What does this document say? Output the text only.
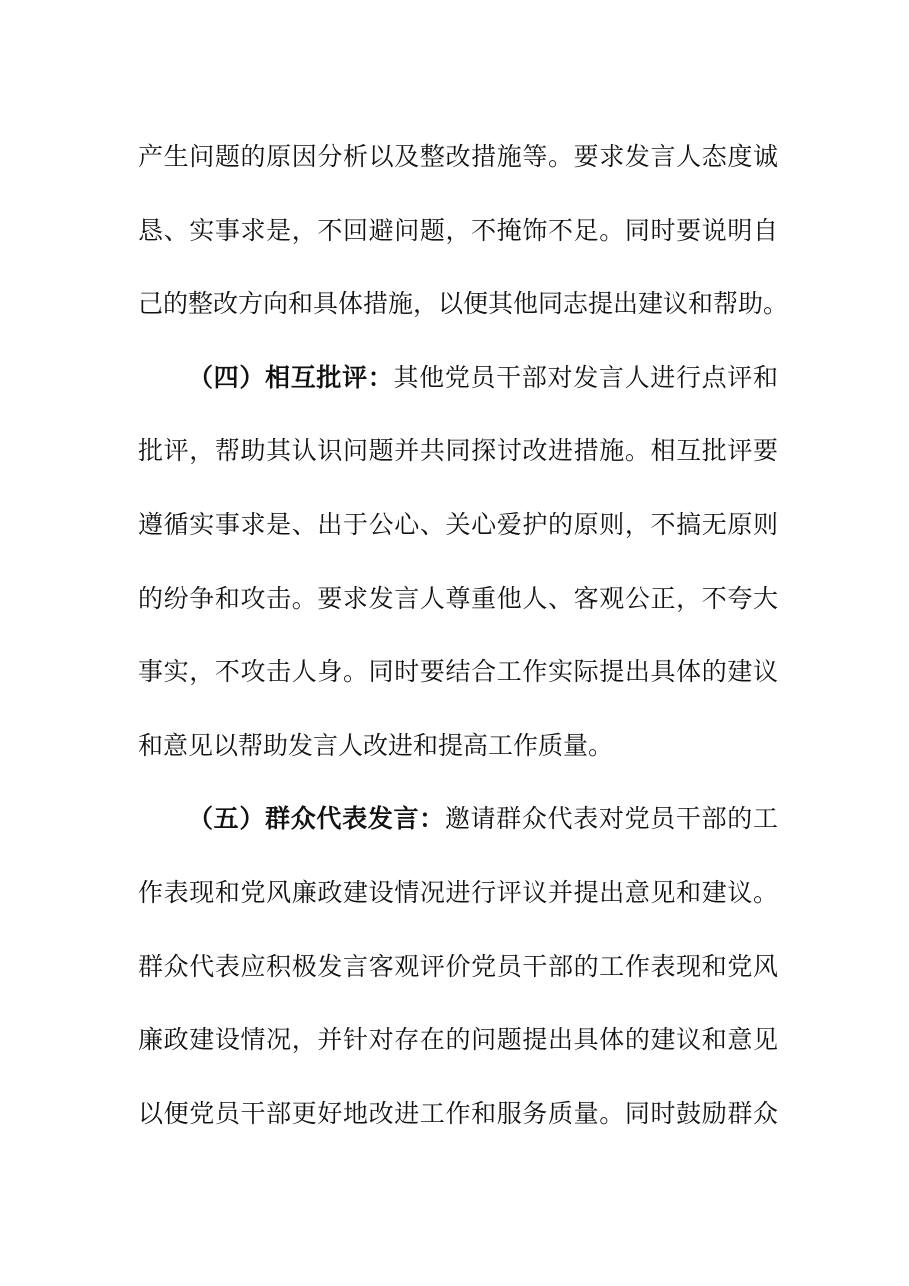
产生问题的原因分析以及整改措施等。要求发言人态度诚
恳、实事求是，不回避问题，不掩饰不足。同时要说明自
己的整改方向和具体措施，以便其他同志提出建议和帮助。
（四）相互批评：其他党员干部对发言人进行点评和
批评，帮助其认识问题并共同探讨改进措施。相互批评要
遵循实事求是、出于公心、关心爱护的原则，不搞无原则
的纷争和攻击。要求发言人尊重他人、客观公正，不夸大
事实，不攻击人身。同时要结合工作实际提出具体的建议
和意见以帮助发言人改进和提高工作质量。
（五）群众代表发言：邀请群众代表对党员干部的工
作表现和党风廉政建设情况进行评议并提出意见和建议。
群众代表应积极发言客观评价党员干部的工作表现和党风
廉政建设情况，并针对存在的问题提出具体的建议和意见
以便党员干部更好地改进工作和服务质量。同时鼓励群众
